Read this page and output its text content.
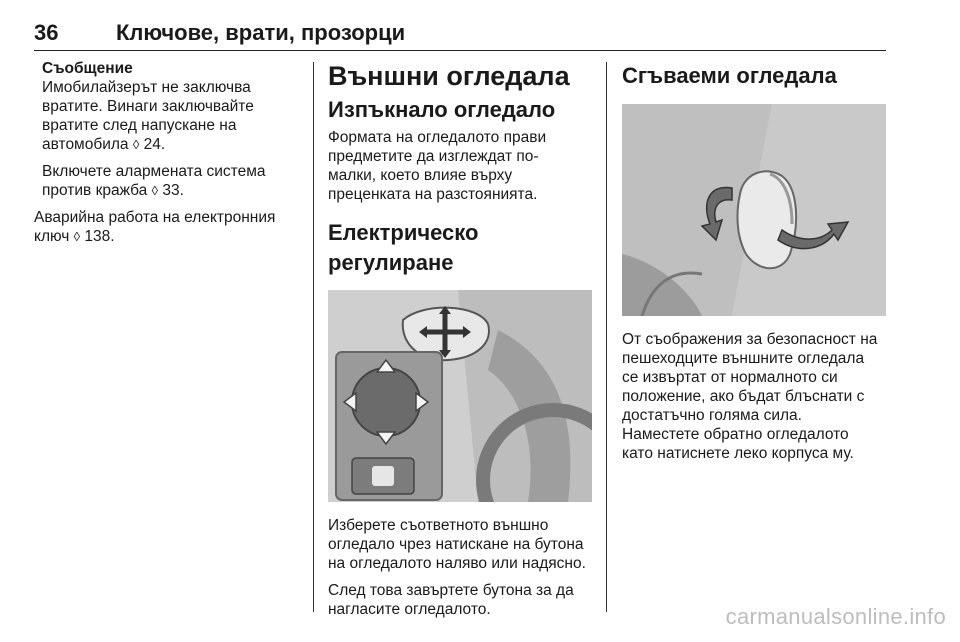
36	Ключове, врати, прозорци
Съобщение

Имобилайзерът не заключва
вратите. Винаги заключвайте
вратите след напускане на
автомобила ◊ 24.

Включете алармената система
против кражба ◊ 33.

Аварийна работа на електронния
ключ ◊ 138.

Външни огледала
Изпъкнало огледало

Формата на огледалото прави
предметите да изглеждат по-
малки, което влияе върху
преценката на разстоянията.

Електрическо регулиране

Изберете съответното външно
огледало чрез натискане на бутона
на огледалото наляво или надясно.

След това завъртете бутона за да
нагласите огледалото.

Сгъваеми огледала

От съображения за безопасност на
пешеходците външните огледала
се извъртат от нормалното си
положение, ако бъдат блъснати с
достатъчно голяма сила.
Наместете обратно огледалото
като натиснете леко корпуса му.

carmanualsonline.info
